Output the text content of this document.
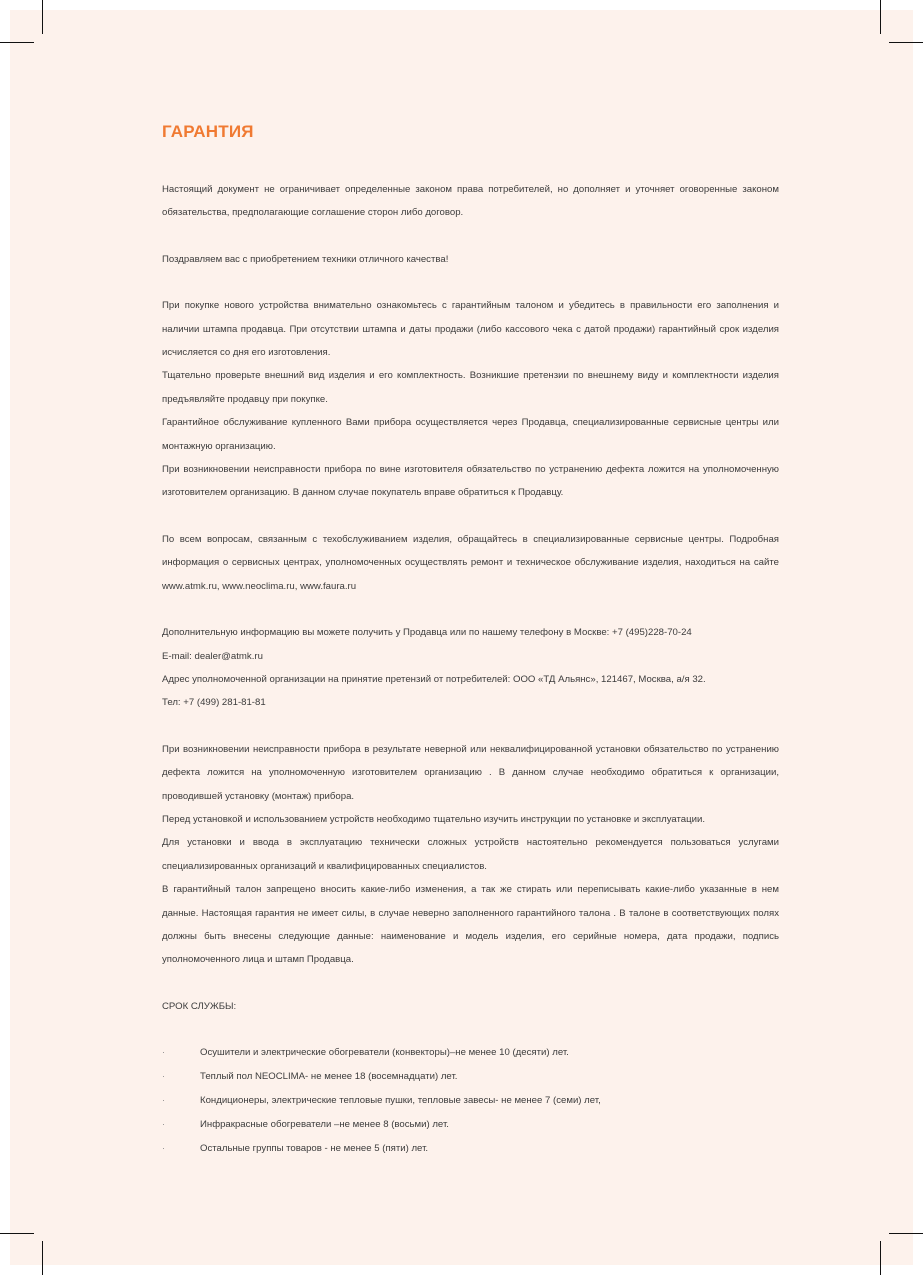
ГАРАНТИЯ

Настоящий документ не ограничивает определенные законом права потребителей, но дополняет и уточняет оговоренные законом обязательства, предполагающие соглашение сторон либо договор.

Поздравляем вас с приобретением техники отличного качества!

При покупке нового устройства внимательно ознакомьтесь с гарантийным талоном и убедитесь в правильности его заполнения и наличии штампа продавца. При отсутствии штампа и даты продажи (либо кассового чека с датой продажи) гарантийный срок изделия исчисляется со дня его изготовления.

Тщательно проверьте внешний вид изделия и его комплектность. Возникшие претензии по внешнему виду и комплектности изделия предъявляйте продавцу при покупке.

Гарантийное обслуживание купленного Вами прибора осуществляется через Продавца, специализированные сервисные центры или монтажную организацию.

При возникновении неисправности прибора по вине изготовителя обязательство по устранению дефекта ложится на уполномоченную изготовителем организацию. В данном случае покупатель вправе обратиться к Продавцу.

По всем вопросам, связанным с техобслуживанием изделия, обращайтесь в специализированные сервисные центры. Подробная информация о сервисных центрах, уполномоченных осуществлять ремонт и техническое обслуживание изделия, находиться на сайте www.atmk.ru, www.neoclima.ru, www.faura.ru

Дополнительную информацию вы можете получить у Продавца или по нашему телефону в Москве: +7 (495)228-70-24

E-mail: dealer@atmk.ru

Адрес уполномоченной организации на принятие претензий от потребителей: ООО «ТД Альянс», 121467, Москва, а/я 32.

Тел: +7 (499) 281-81-81

При возникновении неисправности прибора в результате неверной или неквалифицированной установки обязательство по устранению дефекта ложится на уполномоченную изготовителем организацию . В данном случае необходимо обратиться к организации, проводившей установку (монтаж) прибора.

Перед установкой и использованием устройств необходимо тщательно изучить инструкции по установке и эксплуатации.

Для установки и ввода в эксплуатацию технически сложных устройств настоятельно рекомендуется пользоваться услугами специализированных организаций и квалифицированных специалистов.

В гарантийный талон запрещено вносить какие-либо изменения, а так же стирать или переписывать какие-либо указанные в нем данные. Настоящая гарантия не имеет силы, в случае неверно заполненного гарантийного талона . В талоне в соответствующих полях должны быть внесены следующие данные: наименование и модель изделия, его серийные номера, дата продажи, подпись уполномоченного лица и штамп Продавца.

СРОК СЛУЖБЫ:

·	Осушители и электрические обогреватели (конвекторы)–не менее 10 (десяти) лет.
·	Теплый пол NEOCLIMA- не менее 18 (восемнадцати) лет.
·	Кондиционеры, электрические тепловые пушки, тепловые завесы- не менее 7 (семи) лет,
·	Инфракрасные обогреватели –не менее 8 (восьми) лет.
·	Остальные группы товаров - не менее 5 (пяти) лет.
